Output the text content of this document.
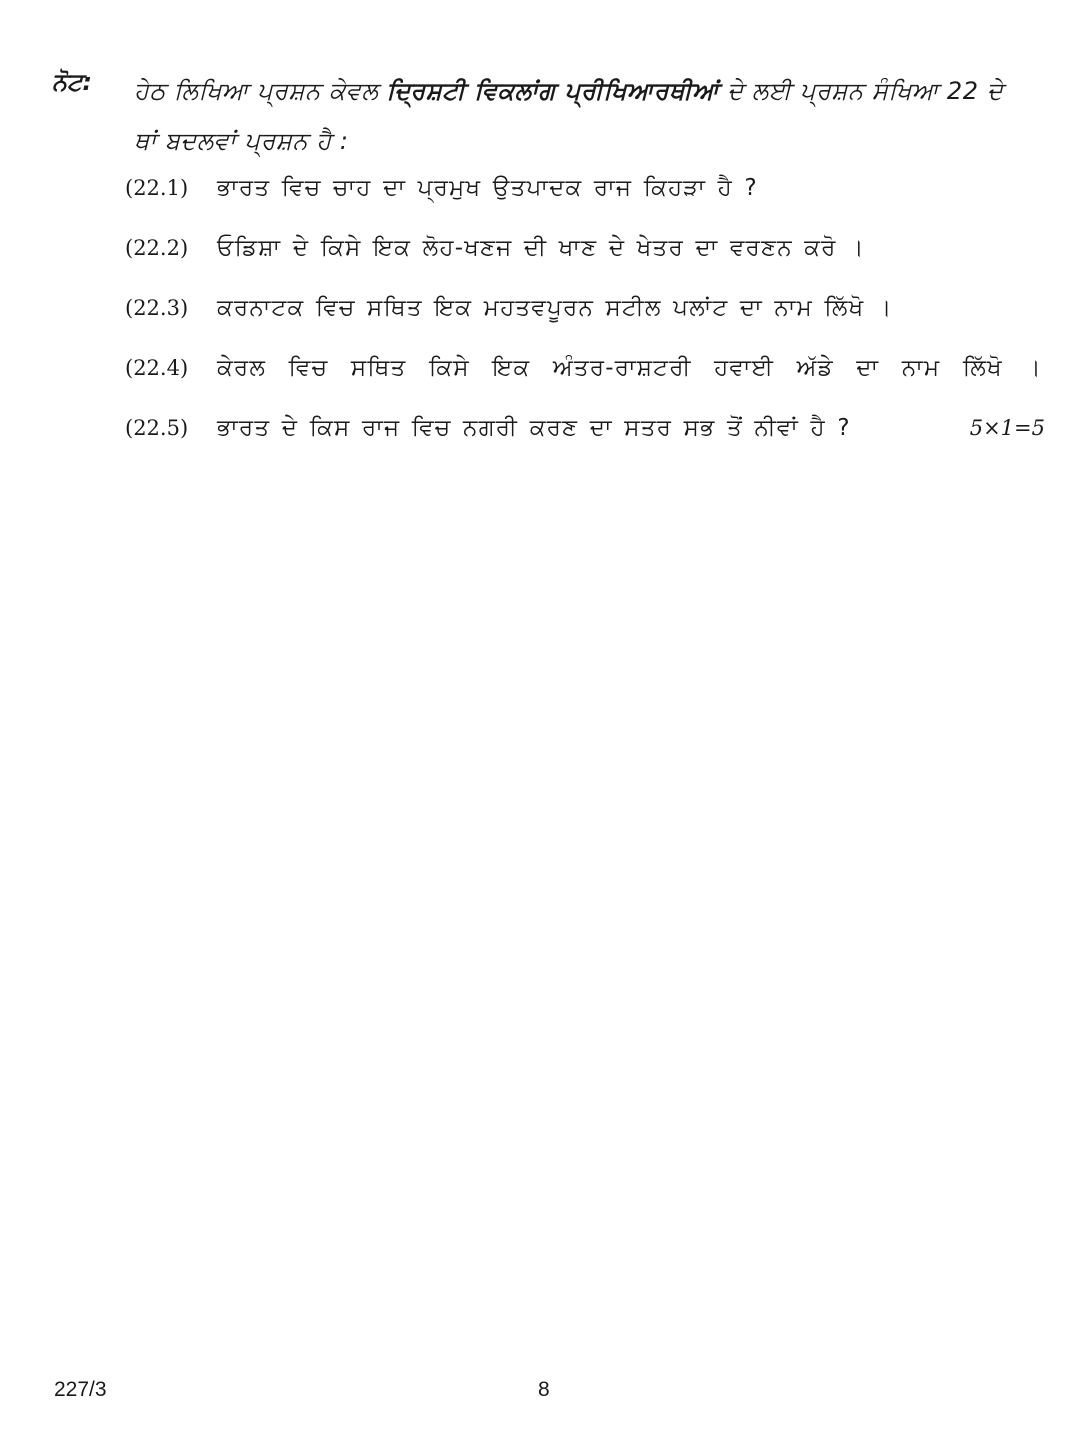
ਨੋਟ: ਹੇਠ ਲਿਖਿਆ ਪ੍ਰਸ਼ਨ ਕੇਵਲ ਦ੍ਰਿਸ਼ਟੀ ਵਿਕਲਾਂਗ ਪ੍ਰੀਖਿਆਰਥੀਆਂ ਦੇ ਲਈ ਪ੍ਰਸ਼ਨ ਸੰਖਿਆ 22 ਦੇ ਥਾਂ ਬਦਲਵਾਂ ਪ੍ਰਸ਼ਨ ਹੈ :
(22.1)	ਭਾਰਤ ਵਿਚ ਚਾਹ ਦਾ ਪ੍ਰਮੁਖ ਉਤਪਾਦਕ ਰਾਜ ਕਿਹੜਾ ਹੈ ?
(22.2)	ਓਡਿਸ਼ਾ ਦੇ ਕਿਸੇ ਇਕ ਲੋਹ-ਖਣਜ ਦੀ ਖਾਣ ਦੇ ਖੇਤਰ ਦਾ ਵਰਣਨ ਕਰੋ ।
(22.3)	ਕਰਨਾਟਕ ਵਿਚ ਸਥਿਤ ਇਕ ਮਹਤਵਪੂਰਨ ਸਟੀਲ ਪਲਾਂਟ ਦਾ ਨਾਮ ਲਿੱਖੋ ।
(22.4)	ਕੇਰਲ ਵਿਚ ਸਥਿਤ ਕਿਸੇ ਇਕ ਅੰਤਰ-ਰਾਸ਼ਟਰੀ ਹਵਾਈ ਅੱਡੇ ਦਾ ਨਾਮ ਲਿੱਖੋ ।
(22.5)	ਭਾਰਤ ਦੇ ਕਿਸ ਰਾਜ ਵਿਚ ਨਗਰੀ ਕਰਣ ਦਾ ਸਤਰ ਸਭ ਤੋਂ ਨੀਵਾਂ ਹੈ ?	5×1=5
227/3	8
